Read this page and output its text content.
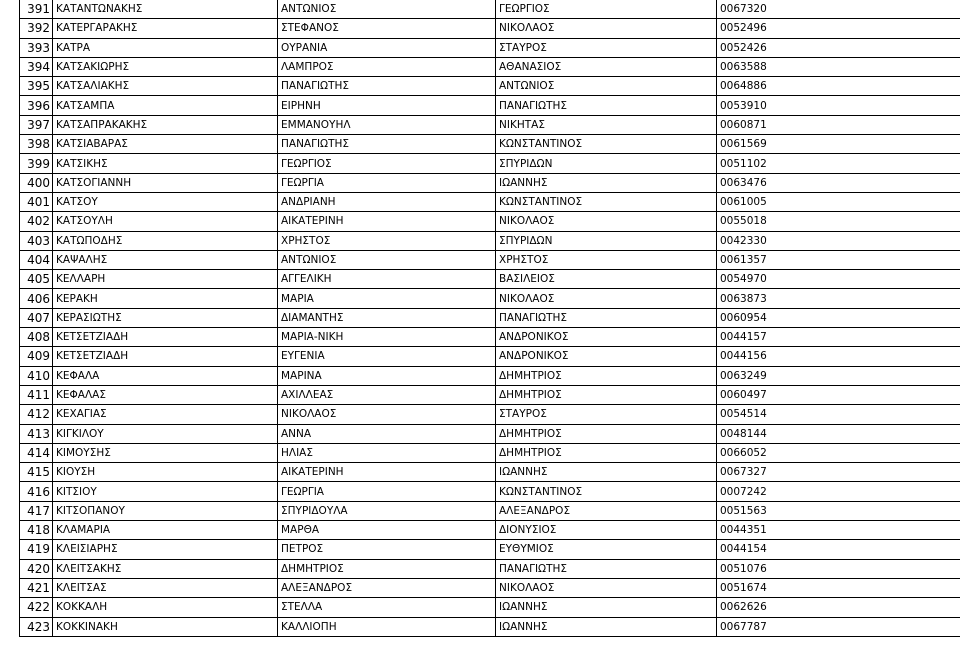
391	ΚΑΤΑΝΤΩΝΑΚΗΣ	ΑΝΤΩΝΙΟΣ	ΓΕΩΡΓΙΟΣ	0067320
392	ΚΑΤΕΡΓΑΡΑΚΗΣ	ΣΤΕΦΑΝΟΣ	ΝΙΚΟΛΑΟΣ	0052496
393	ΚΑΤΡΑ	ΟΥΡΑΝΙΑ	ΣΤΑΥΡΟΣ	0052426
394	ΚΑΤΣΑΚΙΩΡΗΣ	ΛΑΜΠΡΟΣ	ΑΘΑΝΑΣΙΟΣ	0063588
395	ΚΑΤΣΑΛΙΑΚΗΣ	ΠΑΝΑΓΙΩΤΗΣ	ΑΝΤΩΝΙΟΣ	0064886
396	ΚΑΤΣΑΜΠΑ	ΕΙΡΗΝΗ	ΠΑΝΑΓΙΩΤΗΣ	0053910
397	ΚΑΤΣΑΠΡΑΚΑΚΗΣ	ΕΜΜΑΝΟΥΗΛ	ΝΙΚΗΤΑΣ	0060871
398	ΚΑΤΣΙΑΒΑΡΑΣ	ΠΑΝΑΓΙΩΤΗΣ	ΚΩΝΣΤΑΝΤΙΝΟΣ	0061569
399	ΚΑΤΣΙΚΗΣ	ΓΕΩΡΓΙΟΣ	ΣΠΥΡΙΔΩΝ	0051102
400	ΚΑΤΣΟΓΙΑΝΝΗ	ΓΕΩΡΓΙΑ	ΙΩΑΝΝΗΣ	0063476
401	ΚΑΤΣΟΥ	ΑΝΔΡΙΑΝΗ	ΚΩΝΣΤΑΝΤΙΝΟΣ	0061005
402	ΚΑΤΣΟΥΛΗ	ΑΙΚΑΤΕΡΙΝΗ	ΝΙΚΟΛΑΟΣ	0055018
403	ΚΑΤΩΠΟΔΗΣ	ΧΡΗΣΤΟΣ	ΣΠΥΡΙΔΩΝ	0042330
404	ΚΑΨΑΛΗΣ	ΑΝΤΩΝΙΟΣ	ΧΡΗΣΤΟΣ	0061357
405	ΚΕΛΛΑΡΗ	ΑΓΓΕΛΙΚΗ	ΒΑΣΙΛΕΙΟΣ	0054970
406	ΚΕΡΑΚΗ	ΜΑΡΙΑ	ΝΙΚΟΛΑΟΣ	0063873
407	ΚΕΡΑΣΙΩΤΗΣ	ΔΙΑΜΑΝΤΗΣ	ΠΑΝΑΓΙΩΤΗΣ	0060954
408	ΚΕΤΣΕΤΖΙΑΔΗ	ΜΑΡΙΑ-ΝΙΚΗ	ΑΝΔΡΟΝΙΚΟΣ	0044157
409	ΚΕΤΣΕΤΖΙΑΔΗ	ΕΥΓΕΝΙΑ	ΑΝΔΡΟΝΙΚΟΣ	0044156
410	ΚΕΦΑΛΑ	ΜΑΡΙΝΑ	ΔΗΜΗΤΡΙΟΣ	0063249
411	ΚΕΦΑΛΑΣ	ΑΧΙΛΛΕΑΣ	ΔΗΜΗΤΡΙΟΣ	0060497
412	ΚΕΧΑΓΙΑΣ	ΝΙΚΟΛΑΟΣ	ΣΤΑΥΡΟΣ	0054514
413	ΚΙΓΚΙΛΟΥ	ΑΝΝΑ	ΔΗΜΗΤΡΙΟΣ	0048144
414	ΚΙΜΟΥΣΗΣ	ΗΛΙΑΣ	ΔΗΜΗΤΡΙΟΣ	0066052
415	ΚΙΟΥΣΗ	ΑΙΚΑΤΕΡΙΝΗ	ΙΩΑΝΝΗΣ	0067327
416	ΚΙΤΣΙΟΥ	ΓΕΩΡΓΙΑ	ΚΩΝΣΤΑΝΤΙΝΟΣ	0007242
417	ΚΙΤΣΟΠΑΝΟΥ	ΣΠΥΡΙΔΟΥΛΑ	ΑΛΕΞΑΝΔΡΟΣ	0051563
418	ΚΛΑΜΑΡΙΑ	ΜΑΡΘΑ	ΔΙΟΝΥΣΙΟΣ	0044351
419	ΚΛΕΙΣΙΑΡΗΣ	ΠΕΤΡΟΣ	ΕΥΘΥΜΙΟΣ	0044154
420	ΚΛΕΙΤΣΑΚΗΣ	ΔΗΜΗΤΡΙΟΣ	ΠΑΝΑΓΙΩΤΗΣ	0051076
421	ΚΛΕΙΤΣΑΣ	ΑΛΕΞΑΝΔΡΟΣ	ΝΙΚΟΛΑΟΣ	0051674
422	ΚΟΚΚΑΛΗ	ΣΤΕΛΛΑ	ΙΩΑΝΝΗΣ	0062626
423	ΚΟΚΚΙΝΑΚΗ	ΚΑΛΛΙΟΠΗ	ΙΩΑΝΝΗΣ	0067787
